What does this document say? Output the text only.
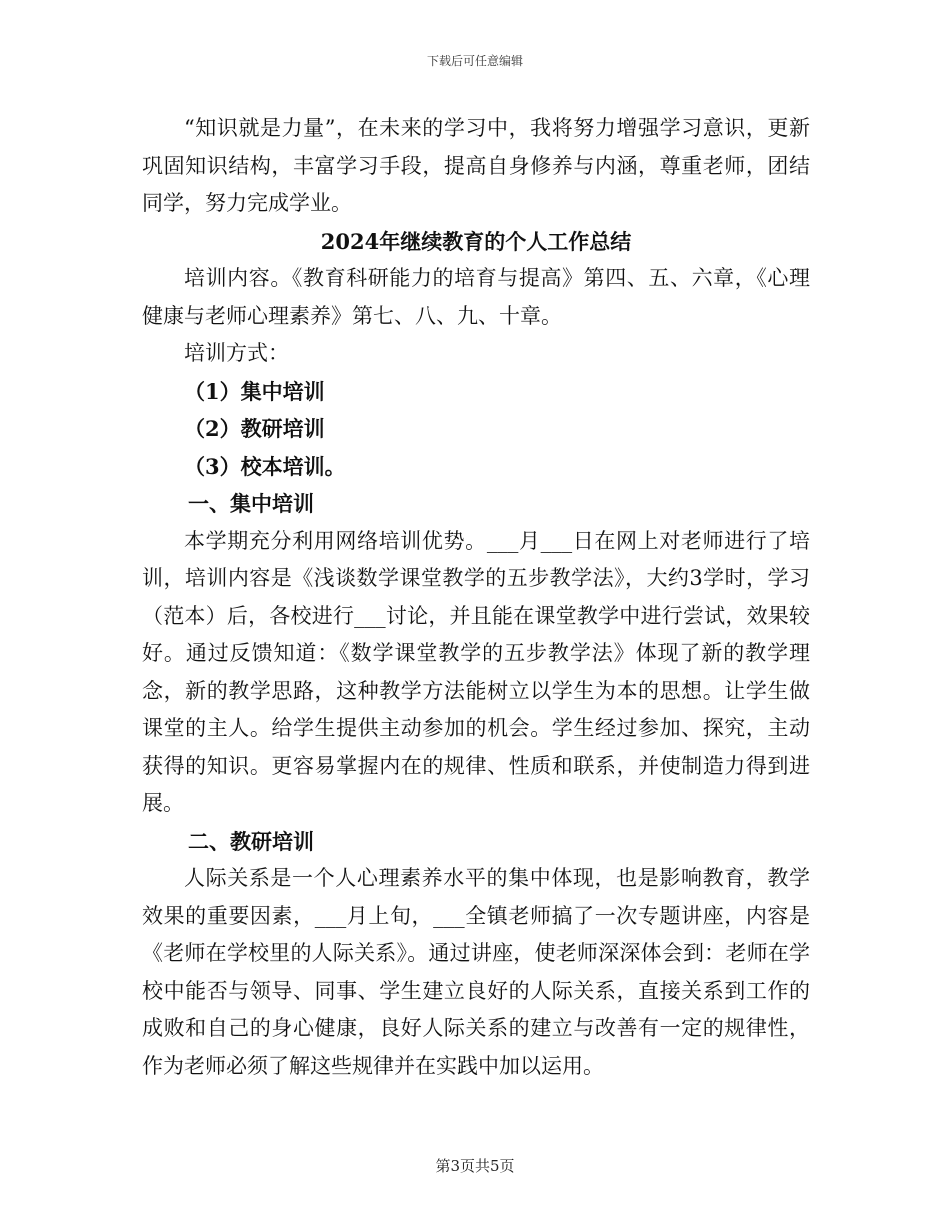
下载后可任意编辑

“知识就是力量”，在未来的学习中，我将努力增强学习意识，更新巩固知识结构，丰富学习手段，提高自身修养与内涵，尊重老师，团结同学，努力完成学业。

2024年继续教育的个人工作总结

培训内容。《教育科研能力的培育与提高》第四、五、六章，《心理健康与老师心理素养》第七、八、九、十章。

培训方式：

（1）集中培训

（2）教研培训

（3）校本培训。

一、集中培训

本学期充分利用网络培训优势。___月___日在网上对老师进行了培训，培训内容是《浅谈数学课堂教学的五步教学法》，大约3学时，学习（范本）后，各校进行___讨论，并且能在课堂教学中进行尝试，效果较好。通过反馈知道：《数学课堂教学的五步教学法》体现了新的教学理念，新的教学思路，这种教学方法能树立以学生为本的思想。让学生做课堂的主人。给学生提供主动参加的机会。学生经过参加、探究，主动获得的知识。更容易掌握内在的规律、性质和联系，并使制造力得到进展。

二、教研培训

人际关系是一个人心理素养水平的集中体现，也是影响教育，教学效果的重要因素，___月上旬，___全镇老师搞了一次专题讲座，内容是《老师在学校里的人际关系》。通过讲座，使老师深深体会到：老师在学校中能否与领导、同事、学生建立良好的人际关系，直接关系到工作的成败和自己的身心健康，良好人际关系的建立与改善有一定的规律性，作为老师必须了解这些规律并在实践中加以运用。

第3页共5页
